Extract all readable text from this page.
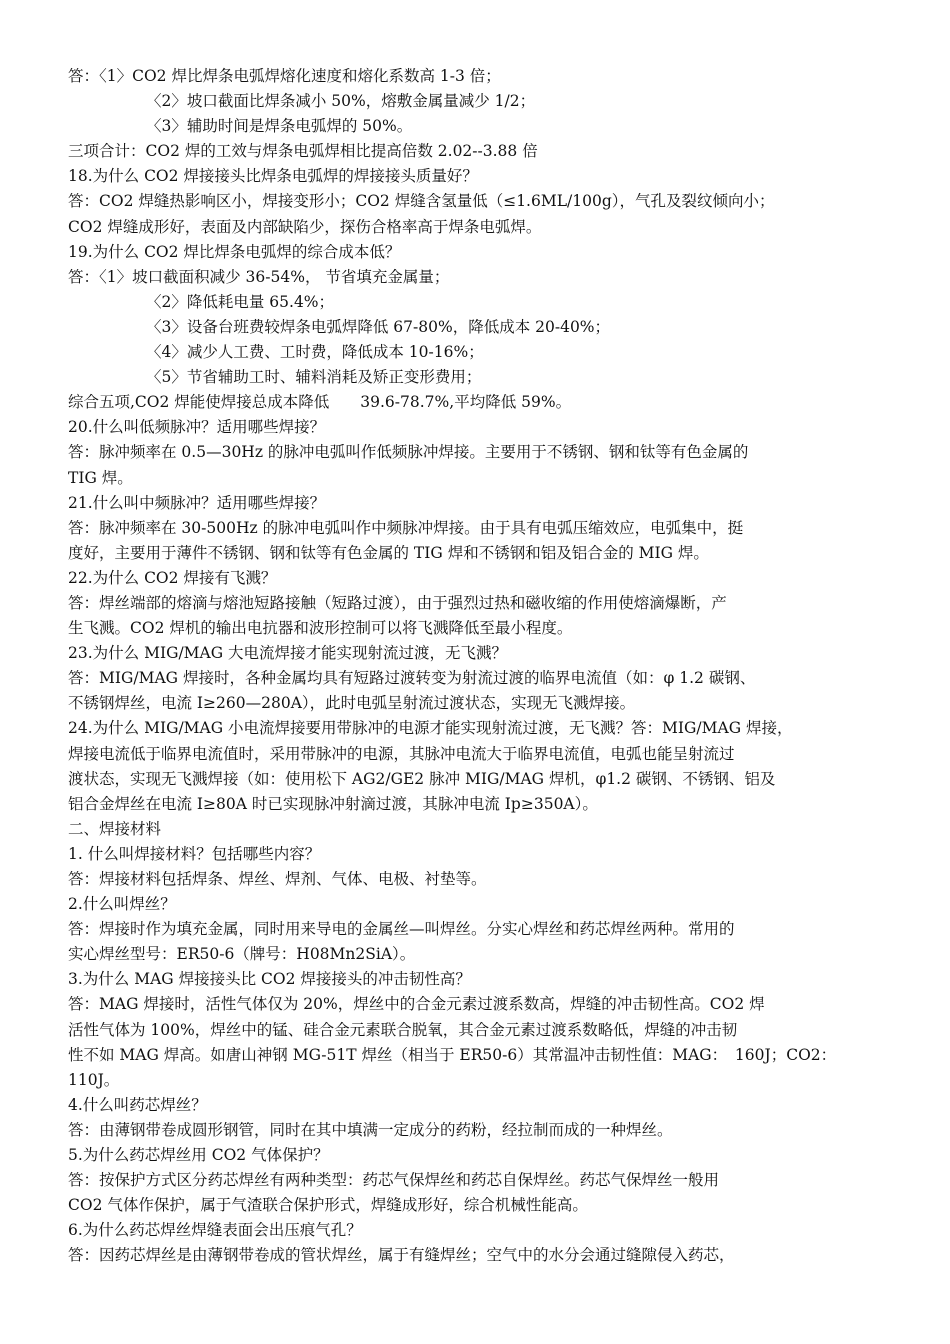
答：〈1〉CO2 焊比焊条电弧焊熔化速度和熔化系数高 1-3 倍；
〈2〉坡口截面比焊条减小 50%，熔敷金属量减少 1/2；
〈3〉辅助时间是焊条电弧焊的 50%。
三项合计：CO2 焊的工效与焊条电弧焊相比提高倍数 2.02--3.88 倍
18.为什么 CO2 焊接接头比焊条电弧焊的焊接接头质量好？
答：CO2 焊缝热影响区小，焊接变形小；CO2 焊缝含氢量低（≤1.6ML/100g），气孔及裂纹倾向小；
CO2 焊缝成形好，表面及内部缺陷少，探伤合格率高于焊条电弧焊。
19.为什么 CO2 焊比焊条电弧焊的综合成本低？
答：〈1〉坡口截面积减少 36-54%， 节省填充金属量；
〈2〉降低耗电量 65.4%；
〈3〉设备台班费较焊条电弧焊降低 67-80%，降低成本 20-40%；
〈4〉减少人工费、工时费，降低成本 10-16%；
〈5〉节省辅助工时、辅料消耗及矫正变形费用；
综合五项,CO2 焊能使焊接总成本降低　　39.6-78.7%,平均降低 59%。
20.什么叫低频脉冲？适用哪些焊接？
答：脉冲频率在 0.5—30Hz 的脉冲电弧叫作低频脉冲焊接。主要用于不锈钢、钢和钛等有色金属的
TIG 焊。
21.什么叫中频脉冲？适用哪些焊接？
答：脉冲频率在 30-500Hz 的脉冲电弧叫作中频脉冲焊接。由于具有电弧压缩效应，电弧集中，挺
度好，主要用于薄件不锈钢、钢和钛等有色金属的 TIG 焊和不锈钢和铝及铝合金的 MIG 焊。
22.为什么 CO2 焊接有飞溅？
答：焊丝端部的熔滴与熔池短路接触（短路过渡），由于强烈过热和磁收缩的作用使熔滴爆断，产
生飞溅。CO2 焊机的输出电抗器和波形控制可以将飞溅降低至最小程度。
23.为什么 MIG/MAG 大电流焊接才能实现射流过渡，无飞溅？
答：MIG/MAG 焊接时，各种金属均具有短路过渡转变为射流过渡的临界电流值（如：φ 1.2 碳钢、
不锈钢焊丝，电流 I≥260—280A），此时电弧呈射流过渡状态，实现无飞溅焊接。
24.为什么 MIG/MAG 小电流焊接要用带脉冲的电源才能实现射流过渡，无飞溅？答：MIG/MAG 焊接，
焊接电流低于临界电流值时，采用带脉冲的电源，其脉冲电流大于临界电流值，电弧也能呈射流过
渡状态，实现无飞溅焊接（如：使用松下 AG2/GE2 脉冲 MIG/MAG 焊机，φ1.2 碳钢、不锈钢、铝及
铝合金焊丝在电流 I≥80A 时已实现脉冲射滴过渡，其脉冲电流 Ip≥350A）。
二、焊接材料
1. 什么叫焊接材料？包括哪些内容？
答：焊接材料包括焊条、焊丝、焊剂、气体、电极、衬垫等。
2.什么叫焊丝？
答：焊接时作为填充金属，同时用来导电的金属丝—叫焊丝。分实心焊丝和药芯焊丝两种。常用的
实心焊丝型号：ER50-6（牌号：H08Mn2SiA）。
3.为什么 MAG 焊接接头比 CO2 焊接接头的冲击韧性高？
答：MAG 焊接时，活性气体仅为 20%，焊丝中的合金元素过渡系数高，焊缝的冲击韧性高。CO2 焊
活性气体为 100%，焊丝中的锰、硅合金元素联合脱氧，其合金元素过渡系数略低，焊缝的冲击韧
性不如 MAG 焊高。如唐山神钢 MG-51T 焊丝（相当于 ER50-6）其常温冲击韧性值：MAG：　160J；CO2：
110J。
4.什么叫药芯焊丝？
答：由薄钢带卷成圆形钢管，同时在其中填满一定成分的药粉，经拉制而成的一种焊丝。
5.为什么药芯焊丝用 CO2 气体保护？
答：按保护方式区分药芯焊丝有两种类型：药芯气保焊丝和药芯自保焊丝。药芯气保焊丝一般用
CO2 气体作保护，属于气渣联合保护形式，焊缝成形好，综合机械性能高。
6.为什么药芯焊丝焊缝表面会出压痕气孔？
答：因药芯焊丝是由薄钢带卷成的管状焊丝，属于有缝焊丝；空气中的水分会通过缝隙侵入药芯，
